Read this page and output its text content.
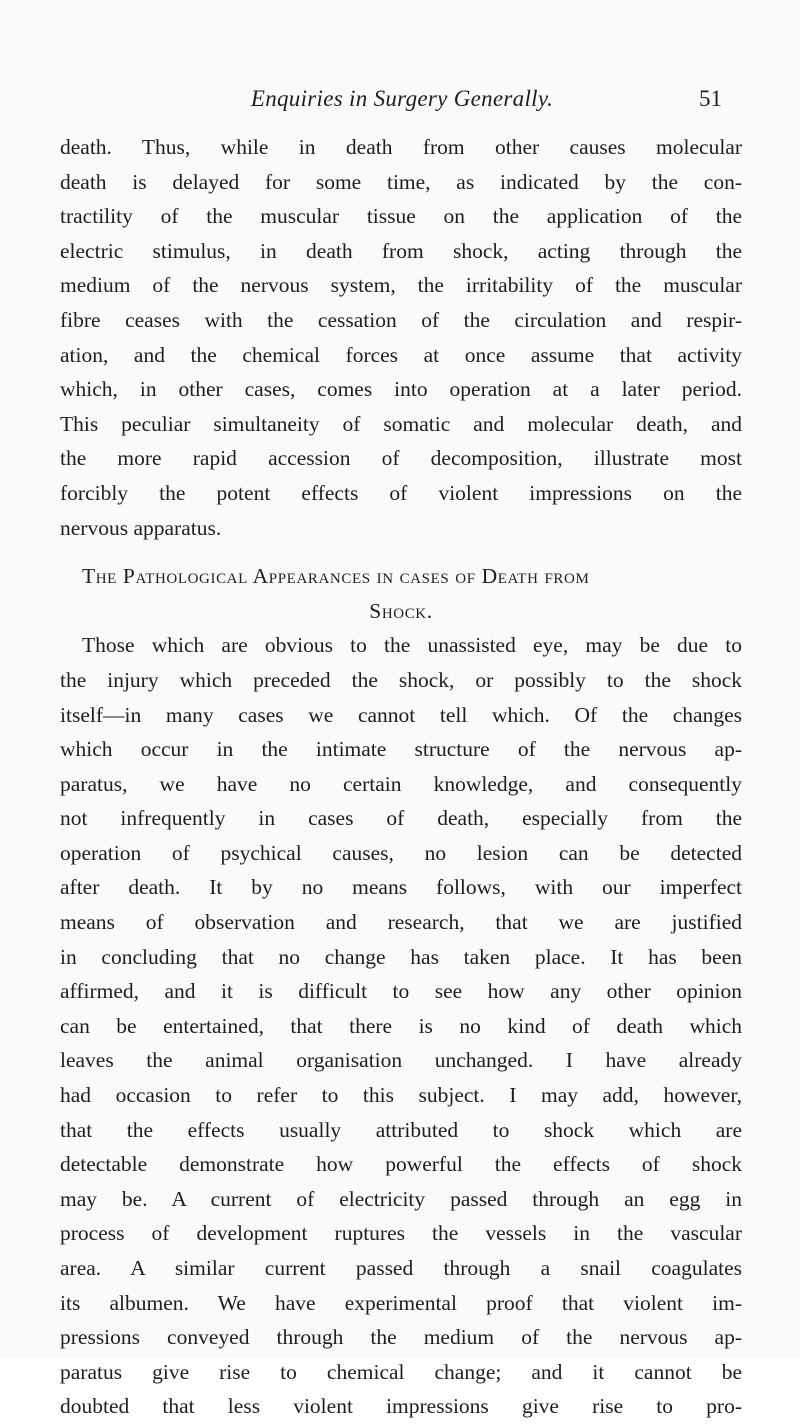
Enquiries in Surgery Generally.	51
death. Thus, while in death from other causes molecular
death is delayed for some time, as indicated by the con-
tractility of the muscular tissue on the application of the
electric stimulus, in death from shock, acting through the
medium of the nervous system, the irritability of the muscular
fibre ceases with the cessation of the circulation and respir-
ation, and the chemical forces at once assume that activity
which, in other cases, comes into operation at a later period.
This peculiar simultaneity of somatic and molecular death, and
the more rapid accession of decomposition, illustrate most
forcibly the potent effects of violent impressions on the
nervous apparatus.
The Pathological Appearances in cases of Death from
Shock.
Those which are obvious to the unassisted eye, may be due to
the injury which preceded the shock, or possibly to the shock
itself—in many cases we cannot tell which. Of the changes
which occur in the intimate structure of the nervous ap-
paratus, we have no certain knowledge, and consequently
not infrequently in cases of death, especially from the
operation of psychical causes, no lesion can be detected
after death. It by no means follows, with our imperfect
means of observation and research, that we are justified
in concluding that no change has taken place. It has been
affirmed, and it is difficult to see how any other opinion
can be entertained, that there is no kind of death which
leaves the animal organisation unchanged. I have already
had occasion to refer to this subject. I may add, however,
that the effects usually attributed to shock which are
detectable demonstrate how powerful the effects of shock
may be. A current of electricity passed through an egg in
process of development ruptures the vessels in the vascular
area. A similar current passed through a snail coagulates
its albumen. We have experimental proof that violent im-
pressions conveyed through the medium of the nervous ap-
paratus give rise to chemical change; and it cannot be
doubted that less violent impressions give rise to pro-
